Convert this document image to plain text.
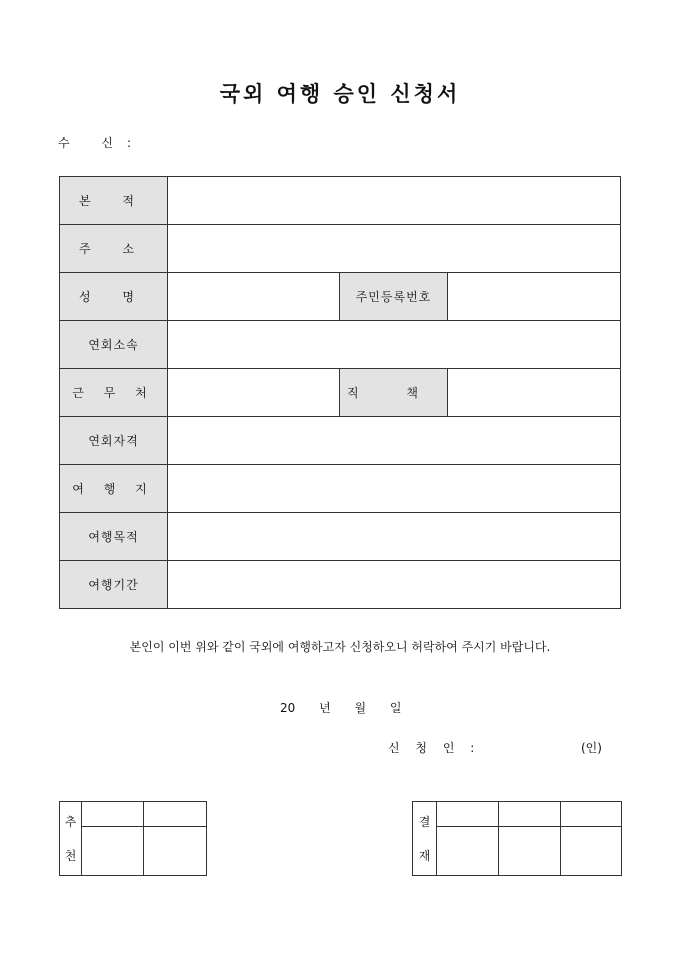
국외 여행 승인 신청서
수 신:
본 적			
주 소			
성 명		주민등록번호	
연회소속			
근 무 처		직 책	
연회자격			
여 행 지			
여행목적			
여행기간			
본인이 이번 위와 같이 국외에 여행하고자 신청하오니 허락하여 주시기 바랍니다.
20 년 월 일
신 청 인 :	(인)
추
천		

결
재			
